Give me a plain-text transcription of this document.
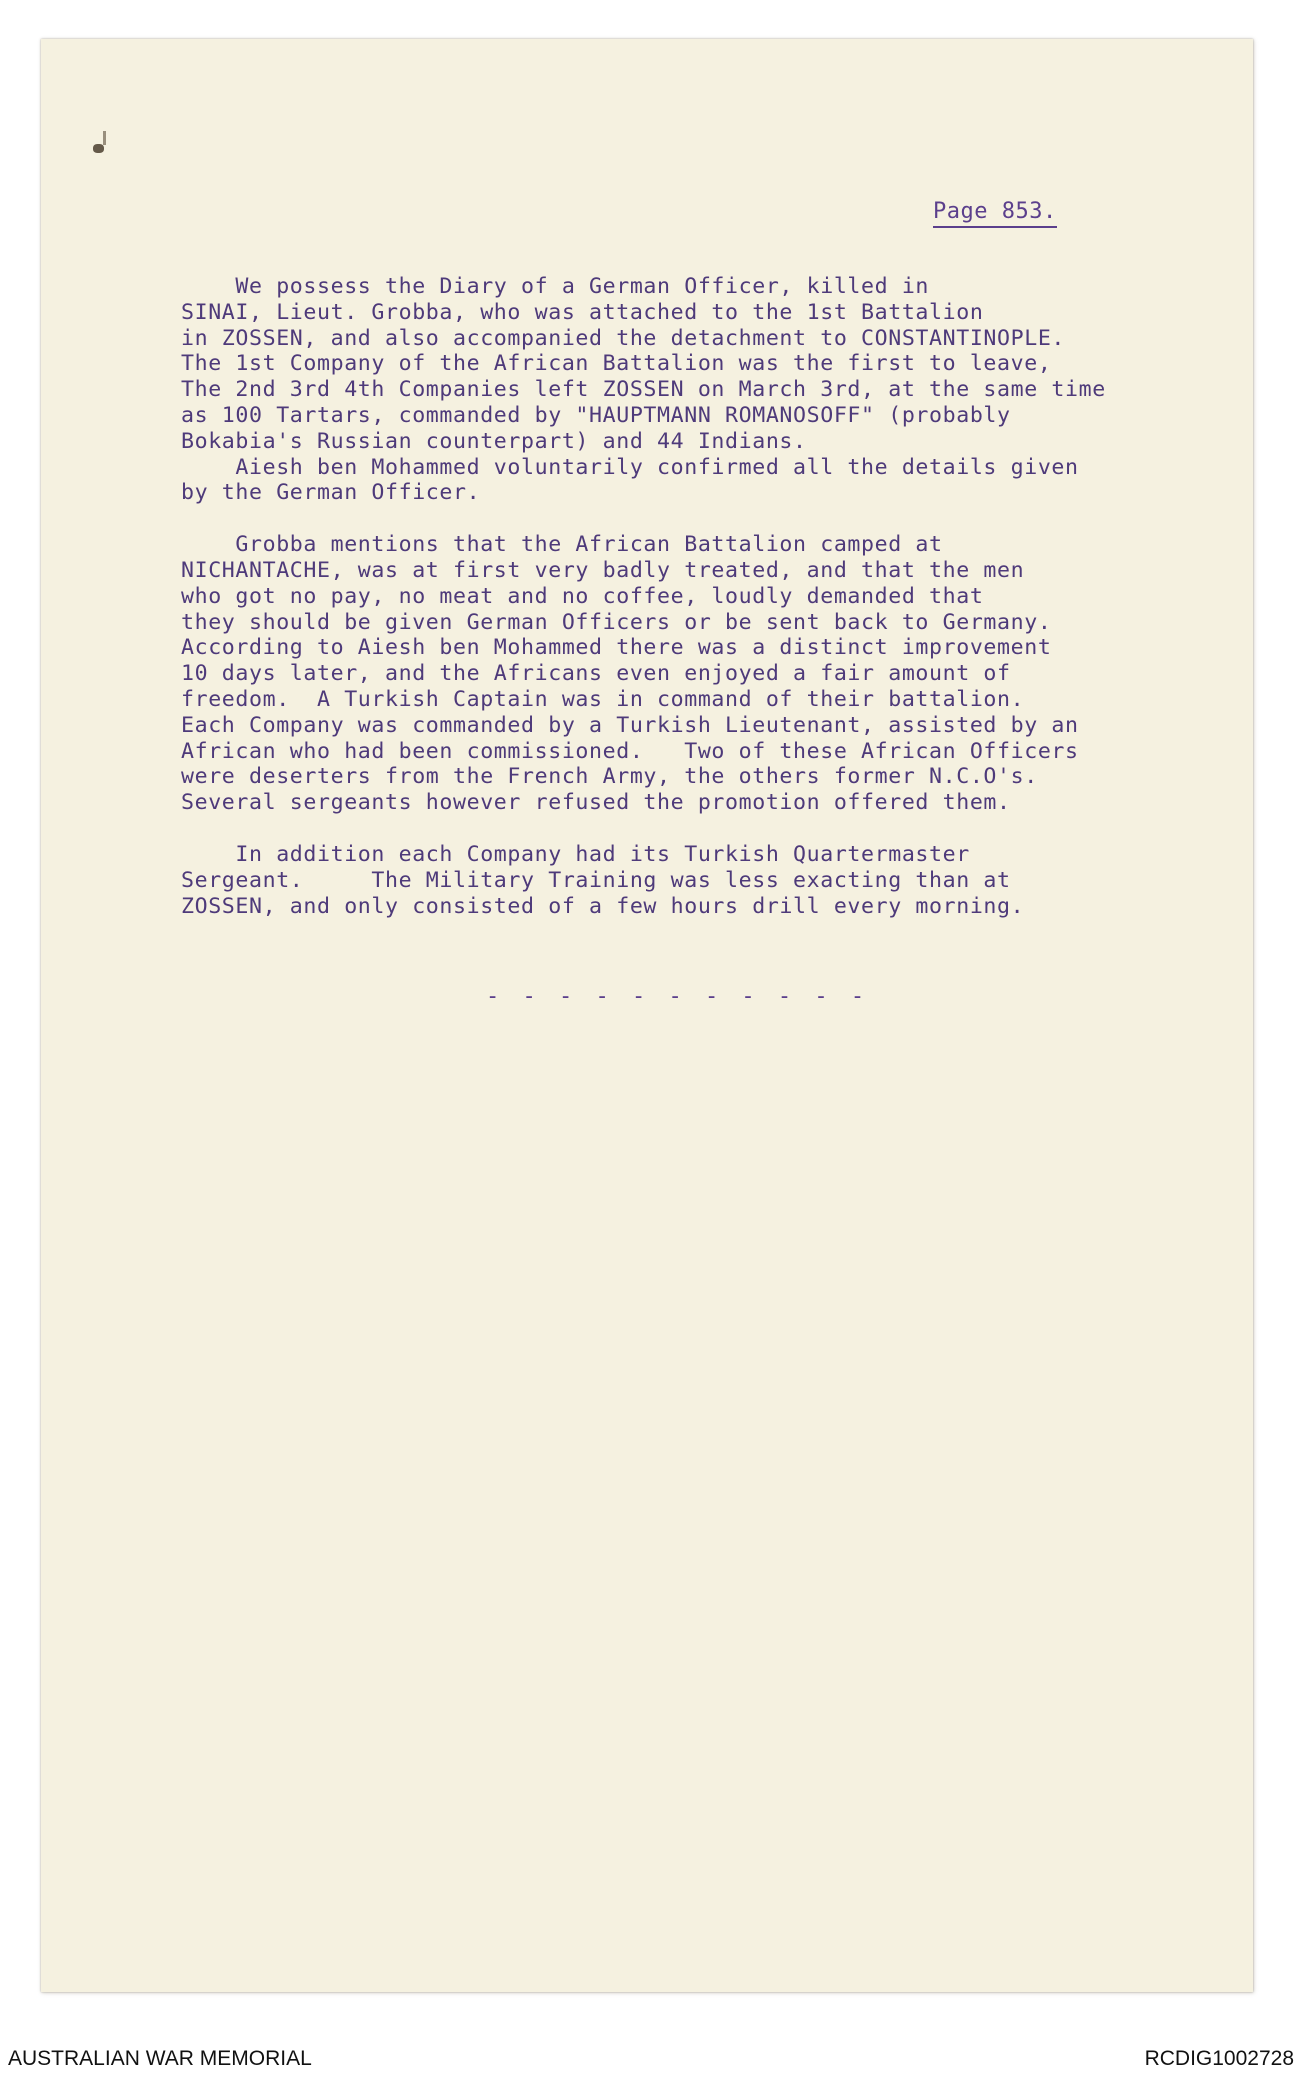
Page 853.

We possess the Diary of a German Officer, killed in

SINAI, Lieut. Grobba, who was attached to the 1st Battalion

in ZOSSEN, and also accompanied the detachment to CONSTANTINOPLE.

The 1st Company of the African Battalion was the first to leave,

The 2nd 3rd 4th Companies left ZOSSEN on March 3rd, at the same time

as 100 Tartars, commanded by "HAUPTMANN ROMANOSOFF" (probably

Bokabia's Russian counterpart) and 44 Indians.

Aiesh ben Mohammed voluntarily confirmed all the details given

by the German Officer.

Grobba mentions that the African Battalion camped at

NICHANTACHE, was at first very badly treated, and that the men

who got no pay, no meat and no coffee, loudly demanded that

they should be given German Officers or be sent back to Germany.

According to Aiesh ben Mohammed there was a distinct improvement

10 days later, and the Africans even enjoyed a fair amount of

freedom.  A Turkish Captain was in command of their battalion.

Each Company was commanded by a Turkish Lieutenant, assisted by an

African who had been commissioned.   Two of these African Officers

were deserters from the French Army, the others former N.C.O's.

Several sergeants however refused the promotion offered them.

In addition each Company had its Turkish Quartermaster

Sergeant.     The Military Training was less exacting than at

ZOSSEN, and only consisted of a few hours drill every morning.

- - - - - - - - - - -
AUSTRALIAN WAR MEMORIAL	RCDIG1002728
